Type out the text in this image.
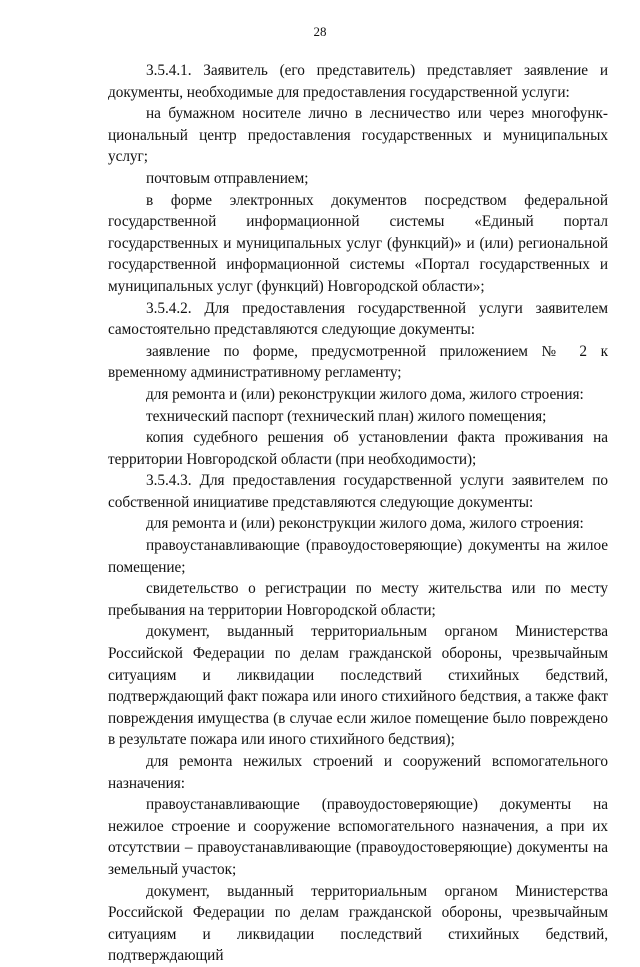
28

3.5.4.1. Заявитель (его представитель) представляет заявление и документы, необходимые для предоставления государственной услуги:

на бумажном носителе лично в лесничество или через многофункциональный центр предоставления государственных и муниципальных услуг;

почтовым отправлением;

в форме электронных документов посредством федеральной государственной информационной системы «Единый портал государственных и муниципальных услуг (функций)» и (или) региональной государственной информационной системы «Портал государственных и муниципальных услуг (функций) Новгородской области»;

3.5.4.2. Для предоставления государственной услуги заявителем самостоятельно представляются следующие документы:

заявление по форме, предусмотренной приложением № 2 к временному административному регламенту;

для ремонта и (или) реконструкции жилого дома, жилого строения:

технический паспорт (технический план) жилого помещения;

копия судебного решения об установлении факта проживания на территории Новгородской области (при необходимости);

3.5.4.3. Для предоставления государственной услуги заявителем по собственной инициативе представляются следующие документы:

для ремонта и (или) реконструкции жилого дома, жилого строения:

правоустанавливающие (правоудостоверяющие) документы на жилое помещение;

свидетельство о регистрации по месту жительства или по месту пребывания на территории Новгородской области;

документ, выданный территориальным органом Министерства Российской Федерации по делам гражданской обороны, чрезвычайным ситуациям и ликвидации последствий стихийных бедствий, подтверждающий факт пожара или иного стихийного бедствия, а также факт повреждения имущества (в случае если жилое помещение было повреждено в результате пожара или иного стихийного бедствия);

для ремонта нежилых строений и сооружений вспомогательного назначения:

правоустанавливающие (правоудостоверяющие) документы на нежилое строение и сооружение вспомогательного назначения, а при их отсутствии – правоустанавливающие (правоудостоверяющие) документы на земельный участок;

документ, выданный территориальным органом Министерства Российской Федерации по делам гражданской обороны, чрезвычайным ситуациям и ликвидации последствий стихийных бедствий, подтверждающий
